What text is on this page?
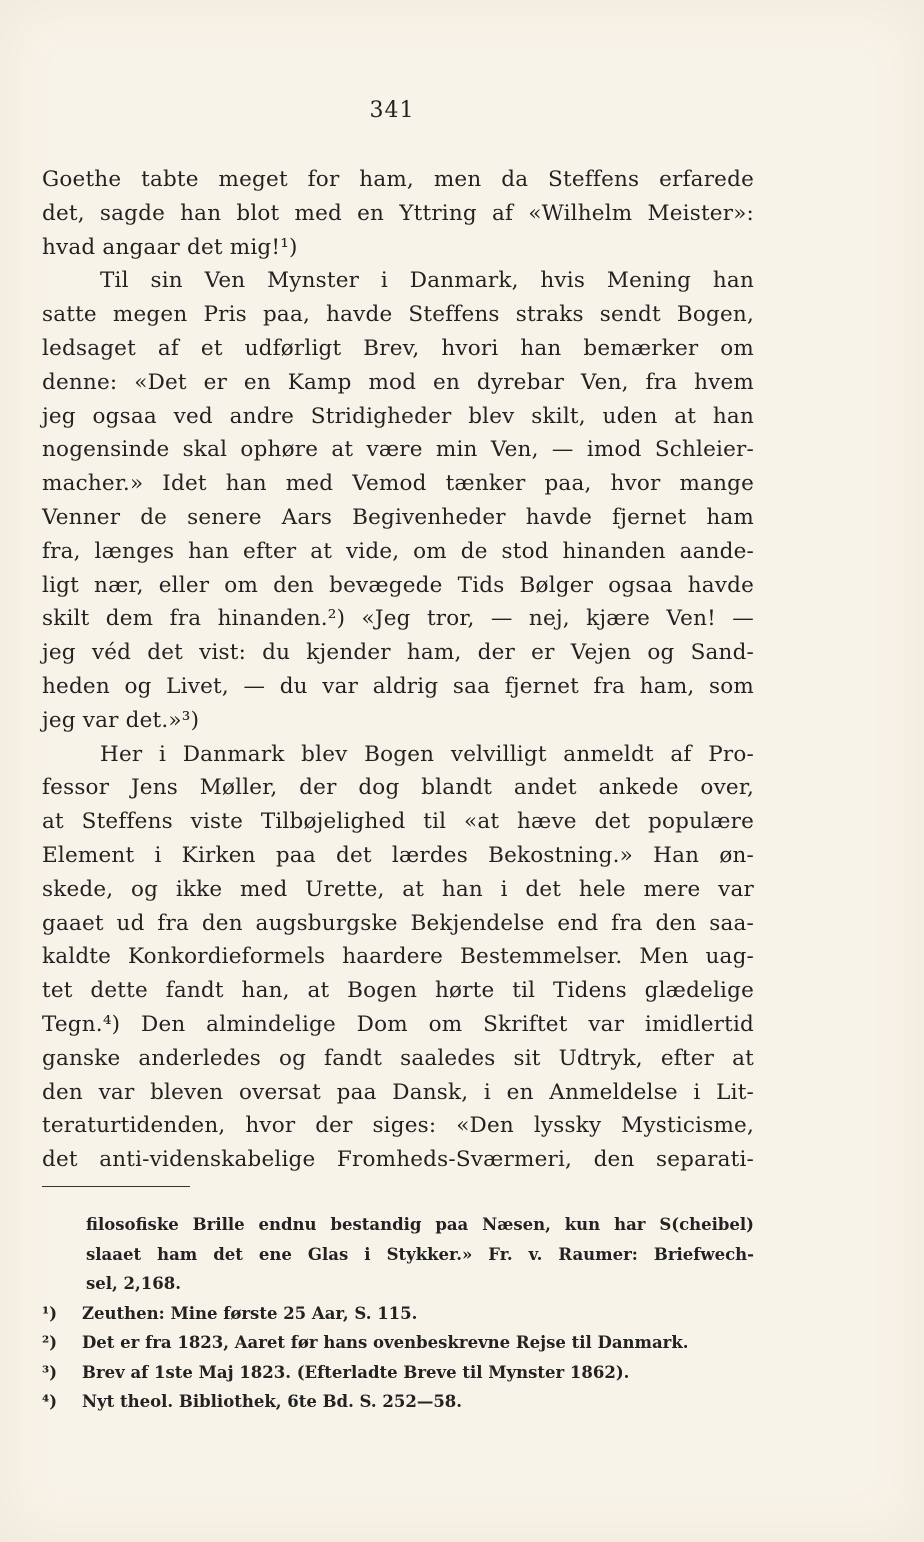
341
Goethe tabte meget for ham, men da Steffens erfarede
det, sagde han blot med en Yttring af «Wilhelm Meister»:
hvad angaar det mig!¹)
Til sin Ven Mynster i Danmark, hvis Mening han
satte megen Pris paa, havde Steffens straks sendt Bogen,
ledsaget af et udførligt Brev, hvori han bemærker om
denne: «Det er en Kamp mod en dyrebar Ven, fra hvem
jeg ogsaa ved andre Stridigheder blev skilt, uden at han
nogensinde skal ophøre at være min Ven, — imod Schleier-
macher.» Idet han med Vemod tænker paa, hvor mange
Venner de senere Aars Begivenheder havde fjernet ham
fra, længes han efter at vide, om de stod hinanden aande-
ligt nær, eller om den bevægede Tids Bølger ogsaa havde
skilt dem fra hinanden.²) «Jeg tror, — nej, kjære Ven! —
jeg véd det vist: du kjender ham, der er Vejen og Sand-
heden og Livet, — du var aldrig saa fjernet fra ham, som
jeg var det.»³)
Her i Danmark blev Bogen velvilligt anmeldt af Pro-
fessor Jens Møller, der dog blandt andet ankede over,
at Steffens viste Tilbøjelighed til «at hæve det populære
Element i Kirken paa det lærdes Bekostning.» Han øn-
skede, og ikke med Urette, at han i det hele mere var
gaaet ud fra den augsburgske Bekjendelse end fra den saa-
kaldte Konkordieformels haardere Bestemmelser. Men uag-
tet dette fandt han, at Bogen hørte til Tidens glædelige
Tegn.⁴) Den almindelige Dom om Skriftet var imidlertid
ganske anderledes og fandt saaledes sit Udtryk, efter at
den var bleven oversat paa Dansk, i en Anmeldelse i Lit-
teraturtidenden, hvor der siges: «Den lyssky Mysticisme,
det anti-videnskabelige Fromheds-Sværmeri, den separati-
filosofiske Brille endnu bestandig paa Næsen, kun har S(cheibel)
slaaet ham det ene Glas i Stykker.» Fr. v. Raumer: Briefwech-
sel, 2,168.
¹) Zeuthen: Mine første 25 Aar, S. 115.
²) Det er fra 1823, Aaret før hans ovenbeskrevne Rejse til Danmark.
³) Brev af 1ste Maj 1823. (Efterladte Breve til Mynster 1862).
⁴) Nyt theol. Bibliothek, 6te Bd. S. 252—58.
